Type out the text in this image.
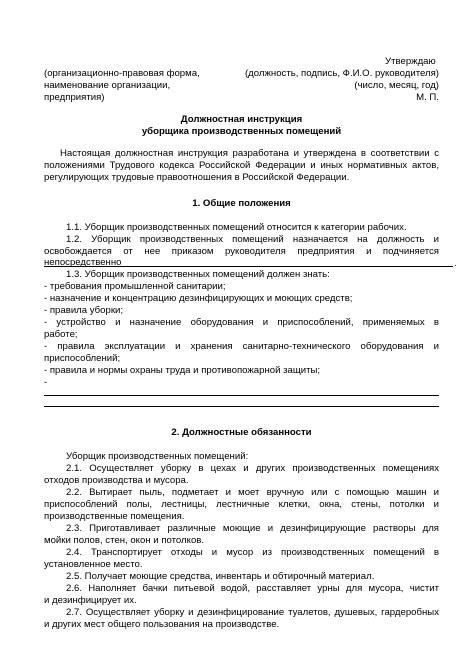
Утверждаю
(организационно-правовая форма,
наименование организации,
предприятия)
(должность, подпись, Ф.И.О. руководителя)
(число, месяц, год)
М. П.
Должностная инструкция
уборщика производственных помещений
Настоящая должностная инструкция разработана и утверждена в соответствии с
положениями Трудового кодекса Российской Федерации и иных нормативных актов,
регулирующих трудовые правоотношения в Российской Федерации.
1. Общие положения
1.1. Уборщик производственных помещений относится к категории рабочих.
1.2. Уборщик производственных помещений назначается на должность и
освобождается от нее приказом руководителя предприятия и подчиняется непосредственно	.
1.3. Уборщик производственных помещений должен знать:
- требования промышленной санитарии;
- назначение и концентрацию дезинфицирующих и моющих средств;
- правила уборки;
- устройство и назначение оборудования и приспособлений, применяемых в
работе;
- правила эксплуатации и хранения санитарно-технического оборудования и
приспособлений;
- правила и нормы охраны труда и противопожарной защиты;
-
2. Должностные обязанности
Уборщик производственных помещений:
2.1. Осуществляет уборку в цехах и других производственных помещениях
отходов производства и мусора.
2.2. Вытирает пыль, подметает и моет вручную или с помощью машин и
приспособлений полы, лестницы, лестничные клетки, окна, стены, потолки и
производственные помещения.
2.3. Приготавливает различные моющие и дезинфицирующие растворы для
мойки полов, стен, окон и потолков.
2.4. Транспортирует отходы и мусор из производственных помещений в
установленное место.
2.5. Получает моющие средства, инвентарь и обтирочный материал.
2.6. Наполняет бачки питьевой водой, расставляет урны для мусора, чистит
и дезинфицирует их.
2.7. Осуществляет уборку и дезинфицирование туалетов, душевых, гардеробных
и других мест общего пользования на производстве.
